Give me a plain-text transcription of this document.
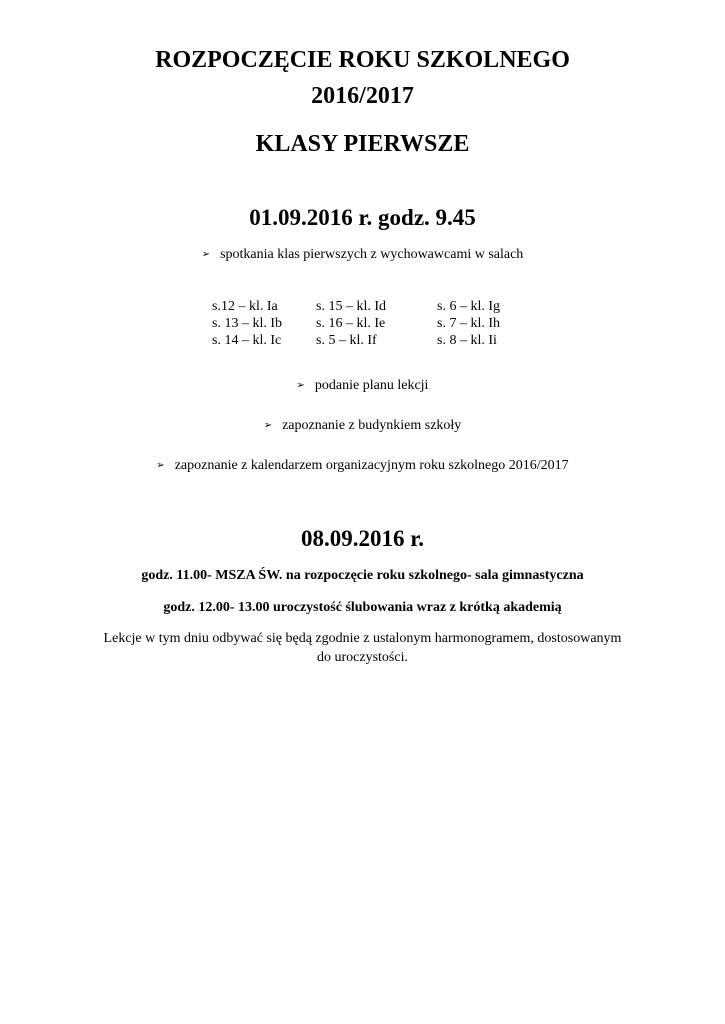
ROZPOCZĘCIE ROKU SZKOLNEGO
2016/2017
KLASY PIERWSZE
01.09.2016 r. godz. 9.45
➢ spotkania klas pierwszych z wychowawcami w salach
s.12 – kl. Ia
s. 13 – kl. Ib
s. 14 – kl. Ic
s. 15 – kl. Id
s. 16 – kl. Ie
s. 5 – kl. If
s. 6 – kl. Ig
s. 7 – kl. Ih
s. 8 – kl. Ii
➢ podanie planu lekcji
➢ zapoznanie z budynkiem szkoły
➢ zapoznanie z kalendarzem organizacyjnym roku szkolnego 2016/2017
08.09.2016 r.
godz. 11.00- MSZA ŚW. na rozpoczęcie roku szkolnego- sala gimnastyczna
godz. 12.00- 13.00 uroczystość ślubowania wraz z krótką akademią
Lekcje w tym dniu odbywać się będą zgodnie z ustalonym harmonogramem, dostosowanym
do uroczystości.
